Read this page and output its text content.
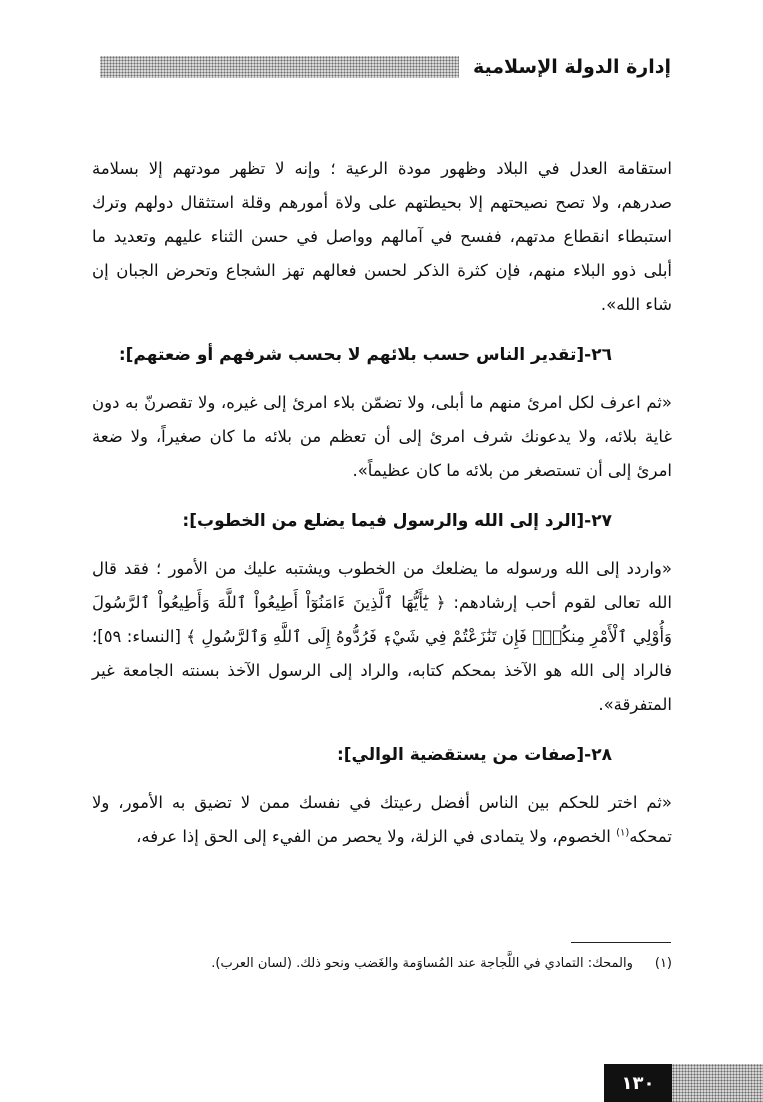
إدارة الدولة الإسلامية

استقامة العدل في البلاد وظهور مودة الرعية ؛ وإنه لا تظهر مودتهم إلا بسلامة صدرهم، ولا تصح نصيحتهم إلا بحيطتهم على ولاة أمورهم وقلة استثقال دولهم وترك استبطاء انقطاع مدتهم، ففسح في آمالهم وواصل في حسن الثناء عليهم وتعديد ما أبلى ذوو البلاء منهم، فإن كثرة الذكر لحسن فعالهم تهز الشجاع وتحرض الجبان إن شاء الله».

٢٦-[تقدير الناس حسب بلائهم لا بحسب شرفهم أو ضعتهم]:

«ثم اعرف لكل امرئ منهم ما أبلى، ولا تضمّن بلاء امرئ إلى غيره، ولا تقصرنّ به دون غاية بلائه، ولا يدعونك شرف امرئ إلى أن تعظم من بلائه ما كان صغيراً، ولا ضعة امرئ إلى أن تستصغر من بلائه ما كان عظيماً».

٢٧-[الرد إلى الله والرسول فيما يضلع من الخطوب]:

«واردد إلى الله ورسوله ما يضلعك من الخطوب ويشتبه عليك من الأمور ؛ فقد قال الله تعالى لقوم أحب إرشادهم: ﴿ يَٰٓأَيُّهَا ٱلَّذِينَ ءَامَنُوٓاْ أَطِيعُواْ ٱللَّهَ وَأَطِيعُواْ ٱلرَّسُولَ وَأُوْلِي ٱلْأَمْرِ مِنكُمْۖ فَإِن تَنَٰزَعْتُمْ فِي شَيْءٖ فَرُدُّوهُ إِلَى ٱللَّهِ وَٱلرَّسُولِ ﴾ [النساء: ٥٩]؛ فالراد إلى الله هو الآخذ بمحكم كتابه، والراد إلى الرسول الآخذ بسنته الجامعة غير المتفرقة».

٢٨-[صفات من يستقضية الوالي]:

«ثم اختر للحكم بين الناس أفضل رعيتك في نفسك ممن لا تضيق به الأمور، ولا تمحكه$^{(١)}$ الخصوم، ولا يتمادى في الزلة، ولا يحصر من الفيء إلى الحق إذا عرفه،

(١)
والمحك: التمادي في اللَّجاجة عند المُساوَمة والغَضب ونحو ذلك. (لسان العرب).
١٣٠
